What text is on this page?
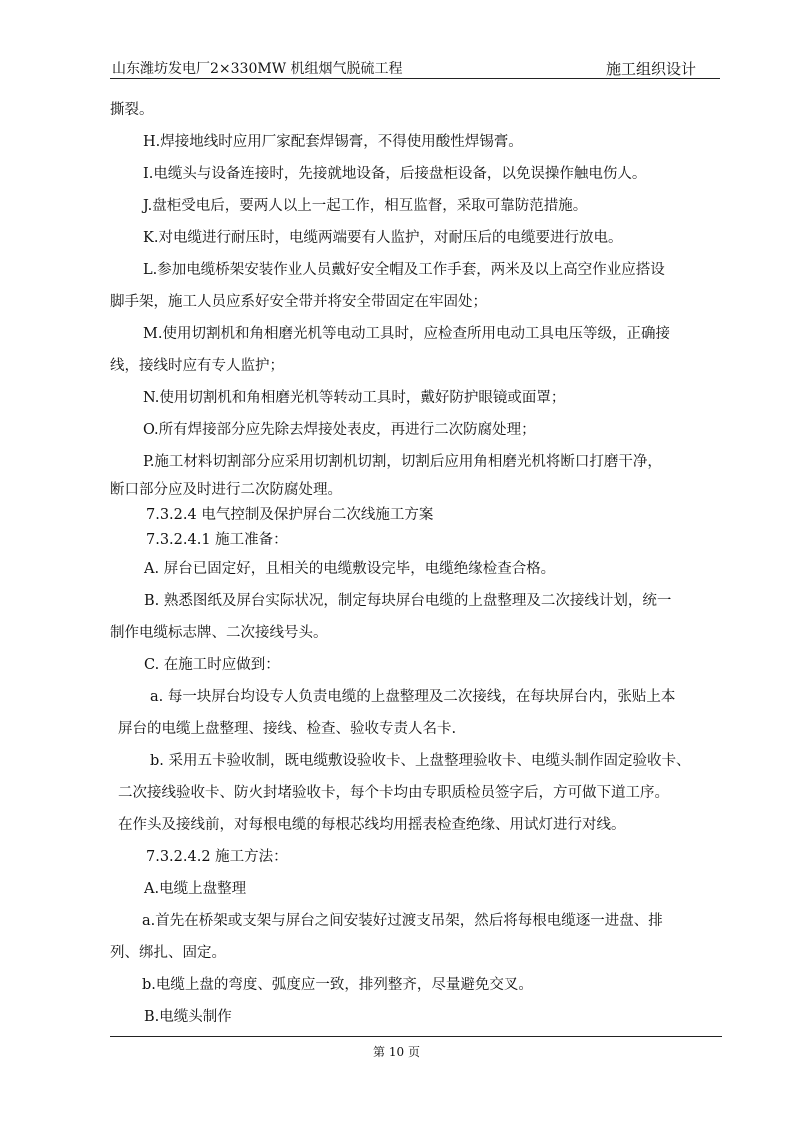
山东潍坊发电厂2×330MW 机组烟气脱硫工程	施工组织设计

撕裂。

H.焊接地线时应用厂家配套焊锡膏，不得使用酸性焊锡膏。

I.电缆头与设备连接时，先接就地设备，后接盘柜设备，以免误操作触电伤人。

J.盘柜受电后，要两人以上一起工作，相互监督，采取可靠防范措施。

K.对电缆进行耐压时，电缆两端要有人监护，对耐压后的电缆要进行放电。

L.参加电缆桥架安装作业人员戴好安全帽及工作手套，两米及以上高空作业应搭设

脚手架，施工人员应系好安全带并将安全带固定在牢固处；

M.使用切割机和角相磨光机等电动工具时，应检查所用电动工具电压等级，正确接

线，接线时应有专人监护；

N.使用切割机和角相磨光机等转动工具时，戴好防护眼镜或面罩；

O.所有焊接部分应先除去焊接处表皮，再进行二次防腐处理；

P.施工材料切割部分应采用切割机切割，切割后应用角相磨光机将断口打磨干净，

断口部分应及时进行二次防腐处理。

7.3.2.4 电气控制及保护屏台二次线施工方案

7.3.2.4.1 施工准备：

A. 屏台已固定好，且相关的电缆敷设完毕，电缆绝缘检查合格。

B. 熟悉图纸及屏台实际状况，制定每块屏台电缆的上盘整理及二次接线计划，统一

制作电缆标志牌、二次接线号头。

C. 在施工时应做到：

a. 每一块屏台均设专人负责电缆的上盘整理及二次接线，在每块屏台内，张贴上本

屏台的电缆上盘整理、接线、检查、验收专责人名卡.

b. 采用五卡验收制，既电缆敷设验收卡、上盘整理验收卡、电缆头制作固定验收卡、

二次接线验收卡、防火封堵验收卡，每个卡均由专职质检员签字后，方可做下道工序。

在作头及接线前，对每根电缆的每根芯线均用摇表检查绝缘、用试灯进行对线。

7.3.2.4.2 施工方法：

A.电缆上盘整理

a.首先在桥架或支架与屏台之间安装好过渡支吊架，然后将每根电缆逐一进盘、排

列、绑扎、固定。

b.电缆上盘的弯度、弧度应一致，排列整齐，尽量避免交叉。

B.电缆头制作

第 10 页
